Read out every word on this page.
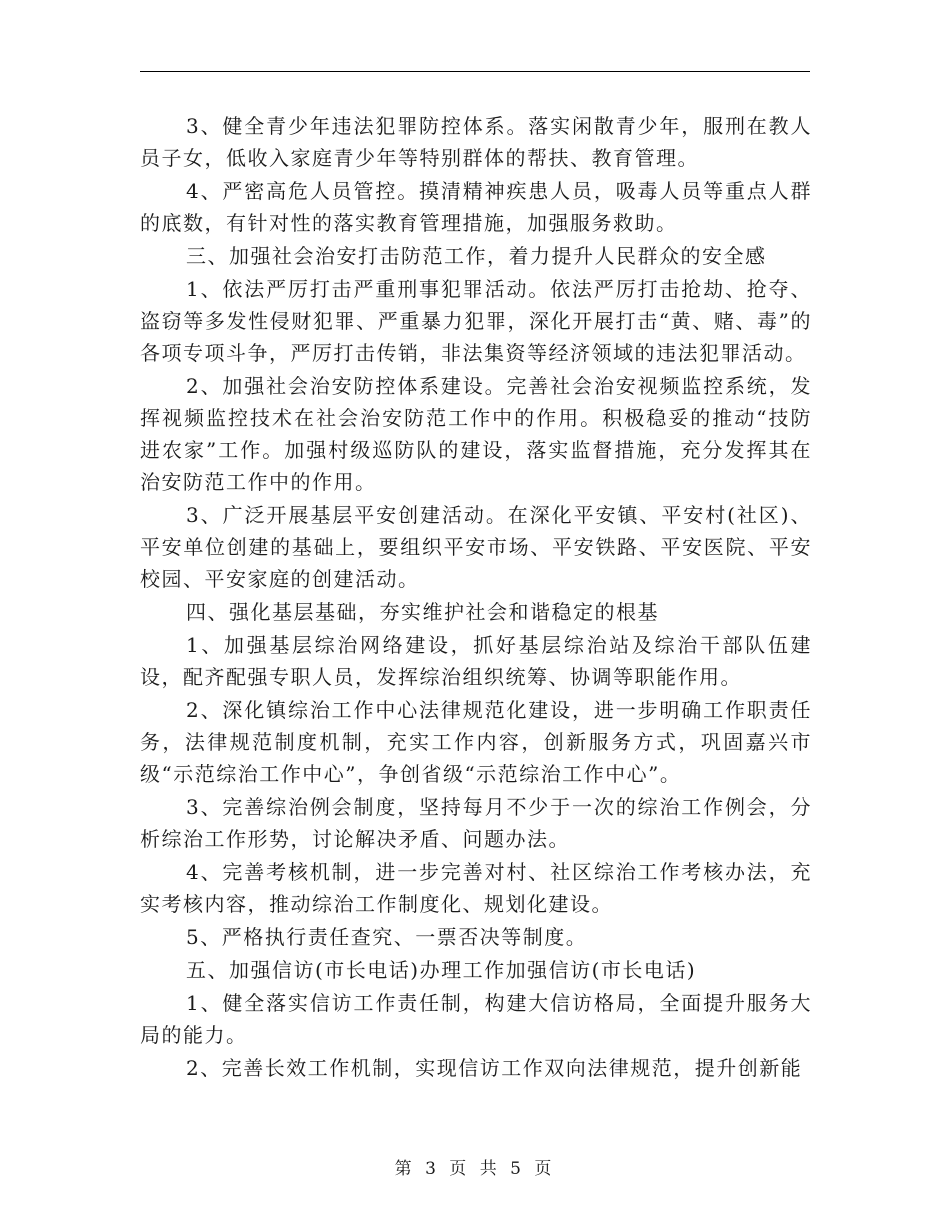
3、健全青少年违法犯罪防控体系。落实闲散青少年，服刑在教人员子女，低收入家庭青少年等特别群体的帮扶、教育管理。

4、严密高危人员管控。摸清精神疾患人员，吸毒人员等重点人群的底数，有针对性的落实教育管理措施，加强服务救助。

三、加强社会治安打击防范工作，着力提升人民群众的安全感

1、依法严厉打击严重刑事犯罪活动。依法严厉打击抢劫、抢夺、盗窃等多发性侵财犯罪、严重暴力犯罪，深化开展打击“黄、赌、毒”的各项专项斗争，严厉打击传销，非法集资等经济领域的违法犯罪活动。

2、加强社会治安防控体系建设。完善社会治安视频监控系统，发挥视频监控技术在社会治安防范工作中的作用。积极稳妥的推动“技防进农家”工作。加强村级巡防队的建设，落实监督措施，充分发挥其在治安防范工作中的作用。

3、广泛开展基层平安创建活动。在深化平安镇、平安村(社区)、平安单位创建的基础上，要组织平安市场、平安铁路、平安医院、平安校园、平安家庭的创建活动。

四、强化基层基础，夯实维护社会和谐稳定的根基

1、加强基层综治网络建设，抓好基层综治站及综治干部队伍建设，配齐配强专职人员，发挥综治组织统筹、协调等职能作用。

2、深化镇综治工作中心法律规范化建设，进一步明确工作职责任务，法律规范制度机制，充实工作内容，创新服务方式，巩固嘉兴市级“示范综治工作中心”，争创省级“示范综治工作中心”。

3、完善综治例会制度，坚持每月不少于一次的综治工作例会，分析综治工作形势，讨论解决矛盾、问题办法。

4、完善考核机制，进一步完善对村、社区综治工作考核办法，充实考核内容，推动综治工作制度化、规划化建设。

5、严格执行责任查究、一票否决等制度。

五、加强信访(市长电话)办理工作加强信访(市长电话)

1、健全落实信访工作责任制，构建大信访格局，全面提升服务大局的能力。

2、完善长效工作机制，实现信访工作双向法律规范，提升创新能

第 3 页 共 5 页
